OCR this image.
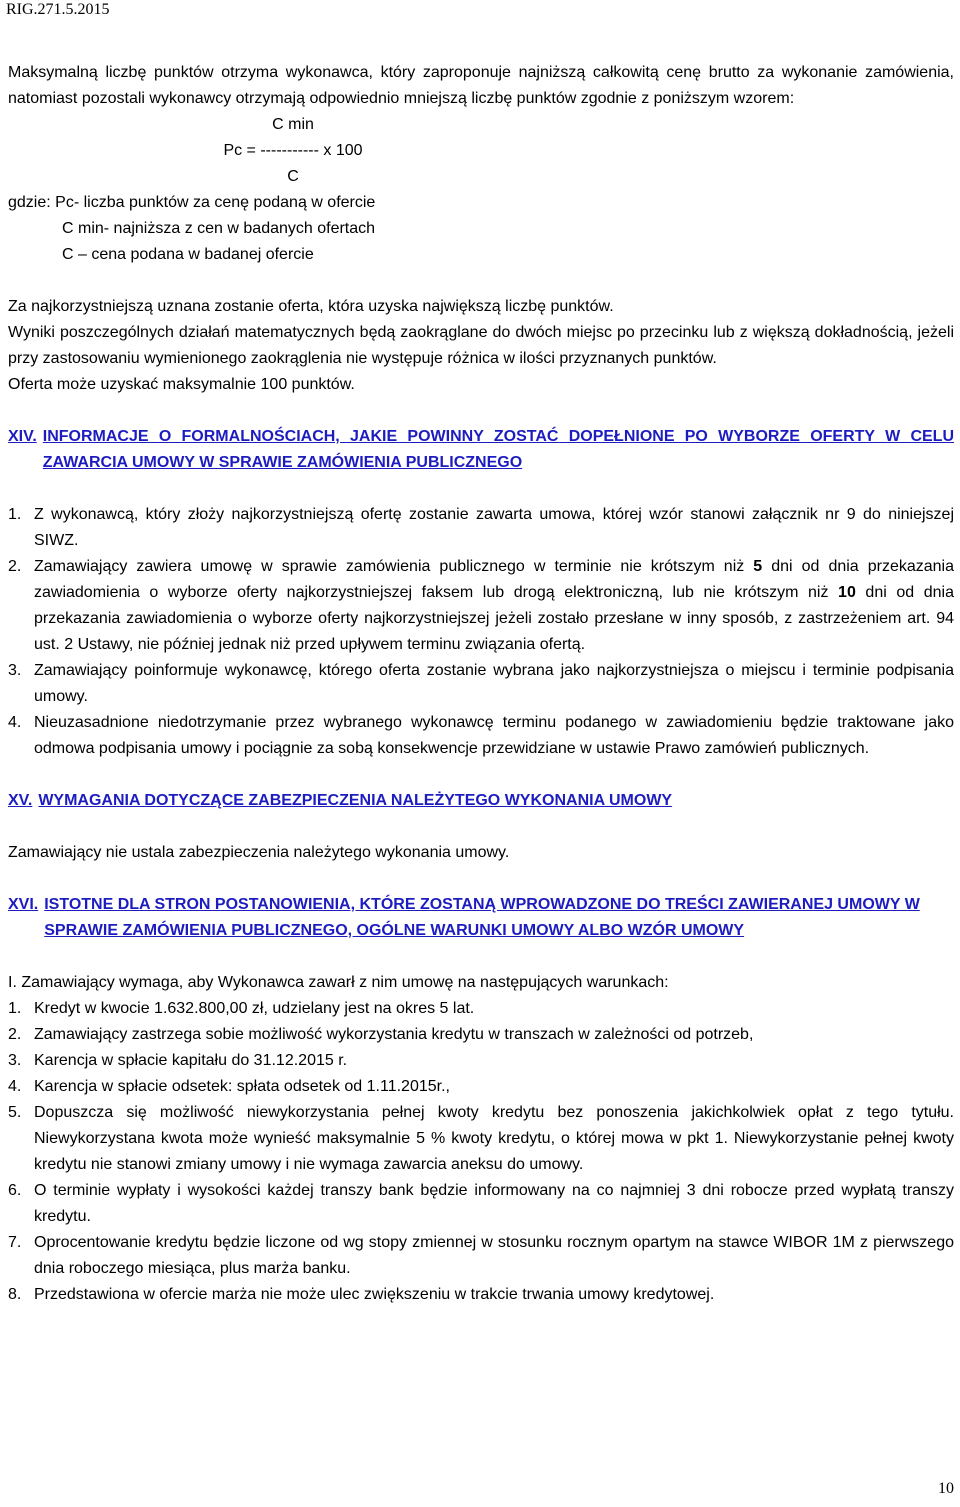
RIG.271.5.2015

Maksymalną liczbę punktów otrzyma wykonawca, który zaproponuje najniższą całkowitą cenę brutto za wykonanie zamówienia, natomiast pozostali wykonawcy otrzymają odpowiednio mniejszą liczbę punktów zgodnie z poniższym wzorem:

C min

Pc = ----------- x 100

C

gdzie: Pc- liczba punktów za cenę podaną w ofercie

C min- najniższa z cen w badanych ofertach

C – cena podana w badanej ofercie

Za najkorzystniejszą uznana zostanie oferta, która uzyska największą liczbę punktów.

Wyniki poszczególnych działań matematycznych będą zaokrąglane do dwóch miejsc po przecinku lub z większą dokładnością, jeżeli przy zastosowaniu wymienionego zaokrąglenia nie występuje różnica w ilości przyznanych punktów.

Oferta może uzyskać maksymalnie 100 punktów.

XIV. INFORMACJE O FORMALNOŚCIACH, JAKIE POWINNY ZOSTAĆ DOPEŁNIONE PO WYBORZE OFERTY W CELU ZAWARCIA UMOWY W SPRAWIE ZAMÓWIENIA PUBLICZNEGO
1. Z wykonawcą, który złoży najkorzystniejszą ofertę zostanie zawarta umowa, której wzór stanowi załącznik nr 9 do niniejszej SIWZ.
2. Zamawiający zawiera umowę w sprawie zamówienia publicznego w terminie nie krótszym niż 5 dni od dnia przekazania zawiadomienia o wyborze oferty najkorzystniejszej faksem lub drogą elektroniczną, lub nie krótszym niż 10 dni od dnia przekazania zawiadomienia o wyborze oferty najkorzystniejszej jeżeli zostało przesłane w inny sposób, z zastrzeżeniem art. 94 ust. 2 Ustawy, nie później jednak niż przed upływem terminu związania ofertą.
3. Zamawiający poinformuje wykonawcę, którego oferta zostanie wybrana jako najkorzystniejsza o miejscu i terminie podpisania umowy.
4. Nieuzasadnione niedotrzymanie przez wybranego wykonawcę terminu podanego w zawiadomieniu będzie traktowane jako odmowa podpisania umowy i pociągnie za sobą konsekwencje przewidziane w ustawie Prawo zamówień publicznych.
XV. WYMAGANIA DOTYCZĄCE ZABEZPIECZENIA NALEŻYTEGO WYKONANIA UMOWY

Zamawiający nie ustala zabezpieczenia należytego wykonania umowy.

XVI. ISTOTNE DLA STRON POSTANOWIENIA, KTÓRE ZOSTANĄ WPROWADZONE DO TREŚCI ZAWIERANEJ UMOWY W SPRAWIE ZAMÓWIENIA PUBLICZNEGO, OGÓLNE WARUNKI UMOWY ALBO WZÓR UMOWY

I. Zamawiający wymaga, aby Wykonawca zawarł z nim umowę na następujących warunkach:

1. Kredyt w kwocie 1.632.800,00 zł, udzielany jest na okres 5 lat.
2. Zamawiający zastrzega sobie możliwość wykorzystania kredytu w transzach w zależności od potrzeb,
3. Karencja w spłacie kapitału do 31.12.2015 r.
4. Karencja w spłacie odsetek: spłata odsetek od 1.11.2015r.,
5. Dopuszcza się możliwość niewykorzystania pełnej kwoty kredytu bez ponoszenia jakichkolwiek opłat z tego tytułu. Niewykorzystana kwota może wynieść maksymalnie 5 % kwoty kredytu, o której mowa w pkt 1. Niewykorzystanie pełnej kwoty kredytu nie stanowi zmiany umowy i nie wymaga zawarcia aneksu do umowy.
6. O terminie wypłaty i wysokości każdej transzy bank będzie informowany na co najmniej 3 dni robocze przed wypłatą transzy kredytu.
7. Oprocentowanie kredytu będzie liczone od wg stopy zmiennej w stosunku rocznym opartym na stawce WIBOR 1M z pierwszego dnia roboczego miesiąca, plus marża banku.
8. Przedstawiona w ofercie marża nie może ulec zwiększeniu w trakcie trwania umowy kredytowej.
10
